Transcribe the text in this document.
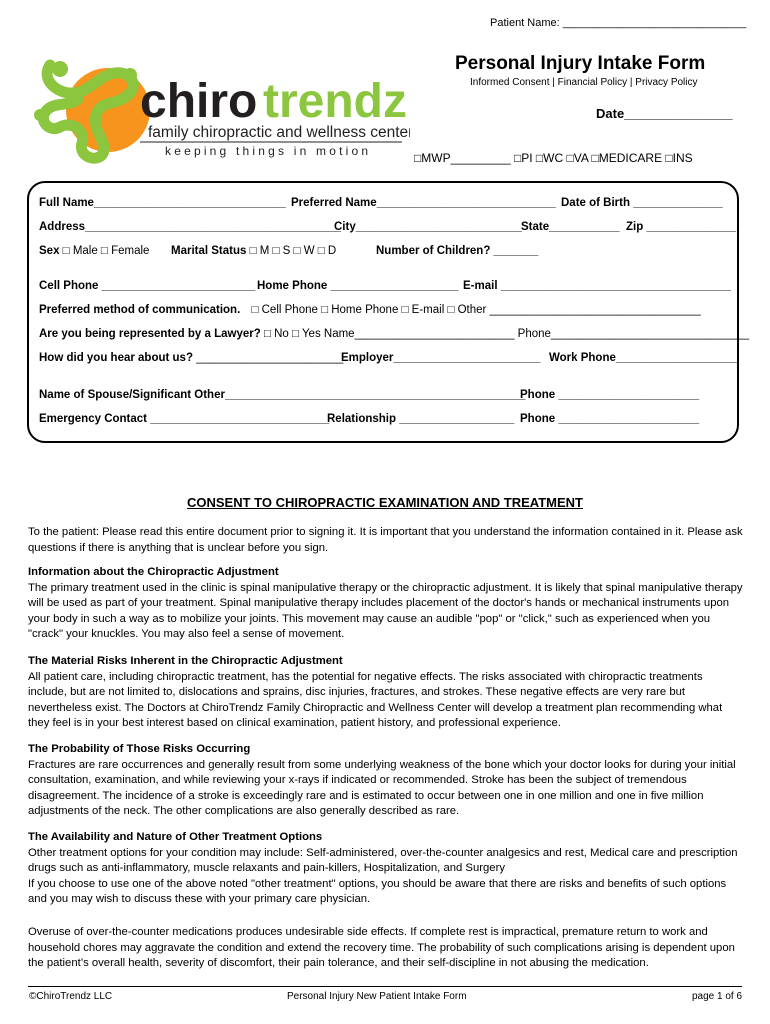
Patient Name: ______________________________
chiro trendz
family chiropractic and wellness center
keeping things in motion
Personal Injury Intake Form
Informed Consent | Financial Policy | Privacy Policy
Date_______________
□MWP_________ □PI □WC □VA □MEDICARE □INS
Full Name______________________________ Preferred Name____________________________ Date of Birth ______________
Address________________________________________
City__________________________
State___________ Zip ______________
Sex □ Male □ Female Marital Status □ M □ S □ W □ D	Number of Children? _______
Cell Phone ________________________ Home Phone ____________________ E-mail ____________________________________
Preferred method of communication. □ Cell Phone □ Home Phone □ E-mail □ Other _________________________________
Are you being represented by a Lawyer? □ No □ Yes Name_________________________ Phone_______________________________
How did you hear about us? _______________________
Employer_______________________ Work Phone___________________
Name of Spouse/Significant Other_______________________________________________
Phone ______________________
Emergency Contact ____________________________
Relationship __________________ Phone ______________________
CONSENT TO CHIROPRACTIC EXAMINATION AND TREATMENT
To the patient: Please read this entire document prior to signing it. It is important that you understand the information contained in it. Please ask questions if there is anything that is unclear before you sign.
Information about the Chiropractic Adjustment
The primary treatment used in the clinic is spinal manipulative therapy or the chiropractic adjustment. It is likely that spinal manipulative therapy will be used as part of your treatment. Spinal manipulative therapy includes placement of the doctor's hands or mechanical instruments upon your body in such a way as to mobilize your joints. This movement may cause an audible "pop" or "click," such as experienced when you "crack" your knuckles. You may also feel a sense of movement.
The Material Risks Inherent in the Chiropractic Adjustment
All patient care, including chiropractic treatment, has the potential for negative effects. The risks associated with chiropractic treatments include, but are not limited to, dislocations and sprains, disc injuries, fractures, and strokes. These negative effects are very rare but nevertheless exist. The Doctors at ChiroTrendz Family Chiropractic and Wellness Center will develop a treatment plan recommending what they feel is in your best interest based on clinical examination, patient history, and professional experience.
The Probability of Those Risks Occurring
Fractures are rare occurrences and generally result from some underlying weakness of the bone which your doctor looks for during your initial consultation, examination, and while reviewing your x-rays if indicated or recommended. Stroke has been the subject of tremendous disagreement. The incidence of a stroke is exceedingly rare and is estimated to occur between one in one million and one in five million adjustments of the neck. The other complications are also generally described as rare.
The Availability and Nature of Other Treatment Options
Other treatment options for your condition may include: Self-administered, over-the-counter analgesics and rest, Medical care and prescription drugs such as anti-inflammatory, muscle relaxants and pain-killers, Hospitalization, and Surgery
If you choose to use one of the above noted "other treatment" options, you should be aware that there are risks and benefits of such options and you may wish to discuss these with your primary care physician.
Overuse of over-the-counter medications produces undesirable side effects. If complete rest is impractical, premature return to work and household chores may aggravate the condition and extend the recovery time. The probability of such complications arising is dependent upon the patient’s overall health, severity of discomfort, their pain tolerance, and their self-discipline in not abusing the medication.
©ChiroTrendz LLC	Personal Injury New Patient Intake Form	page 1 of 6
